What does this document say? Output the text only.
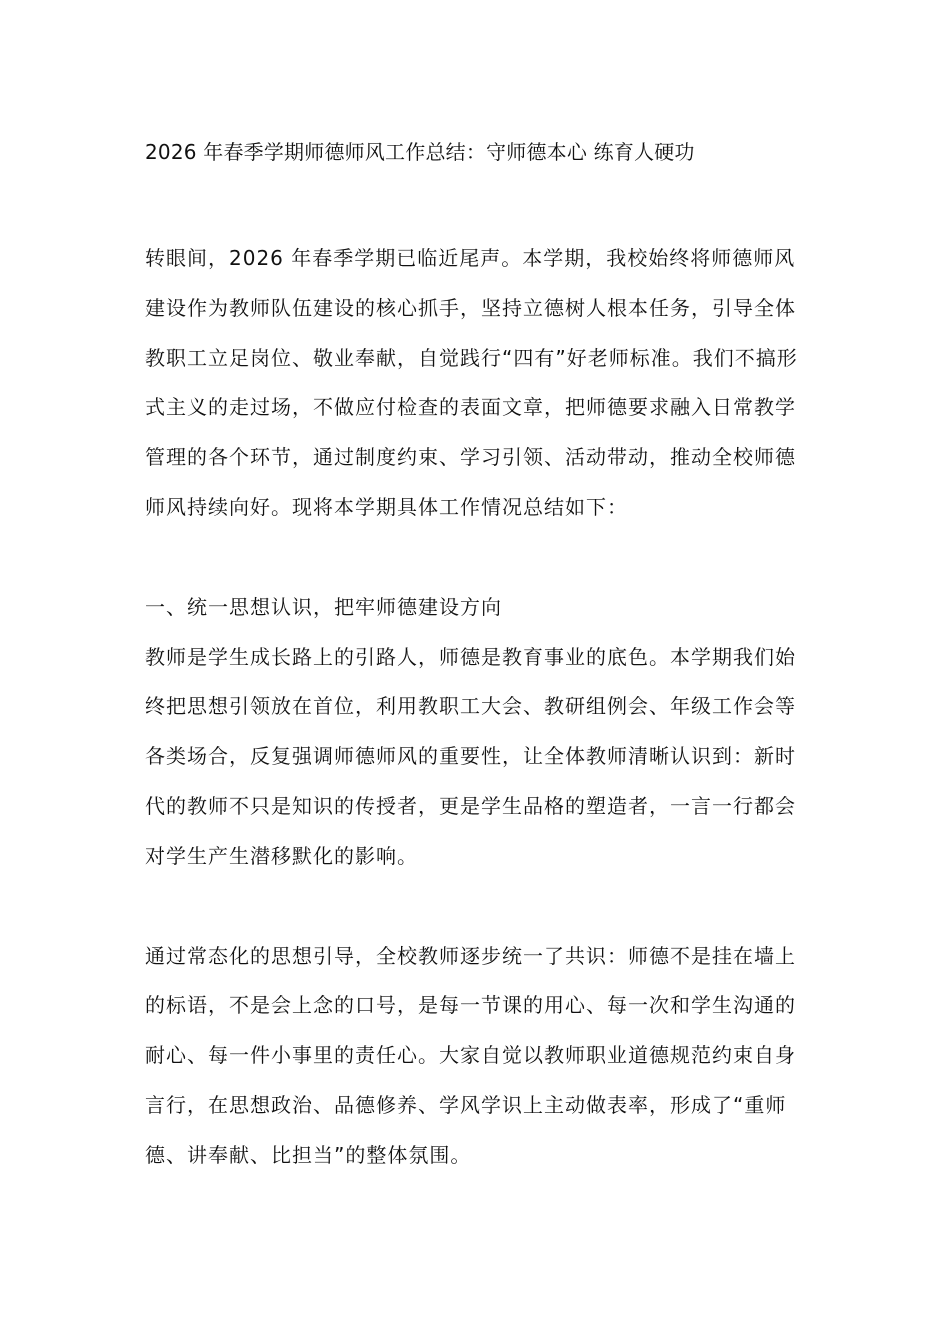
2026 年春季学期师德师风工作总结：守师德本心 练育人硬功

转眼间，2026 年春季学期已临近尾声。本学期，我校始终将师德师风建设作为教师队伍建设的核心抓手，坚持立德树人根本任务，引导全体教职工立足岗位、敬业奉献，自觉践行“四有”好老师标准。我们不搞形式主义的走过场，不做应付检查的表面文章，把师德要求融入日常教学管理的各个环节，通过制度约束、学习引领、活动带动，推动全校师德师风持续向好。现将本学期具体工作情况总结如下：

一、统一思想认识，把牢师德建设方向

教师是学生成长路上的引路人，师德是教育事业的底色。本学期我们始终把思想引领放在首位，利用教职工大会、教研组例会、年级工作会等各类场合，反复强调师德师风的重要性，让全体教师清晰认识到：新时代的教师不只是知识的传授者，更是学生品格的塑造者，一言一行都会对学生产生潜移默化的影响。

通过常态化的思想引导，全校教师逐步统一了共识：师德不是挂在墙上的标语，不是会上念的口号，是每一节课的用心、每一次和学生沟通的耐心、每一件小事里的责任心。大家自觉以教师职业道德规范约束自身言行，在思想政治、品德修养、学风学识上主动做表率，形成了“重师德、讲奉献、比担当”的整体氛围。
